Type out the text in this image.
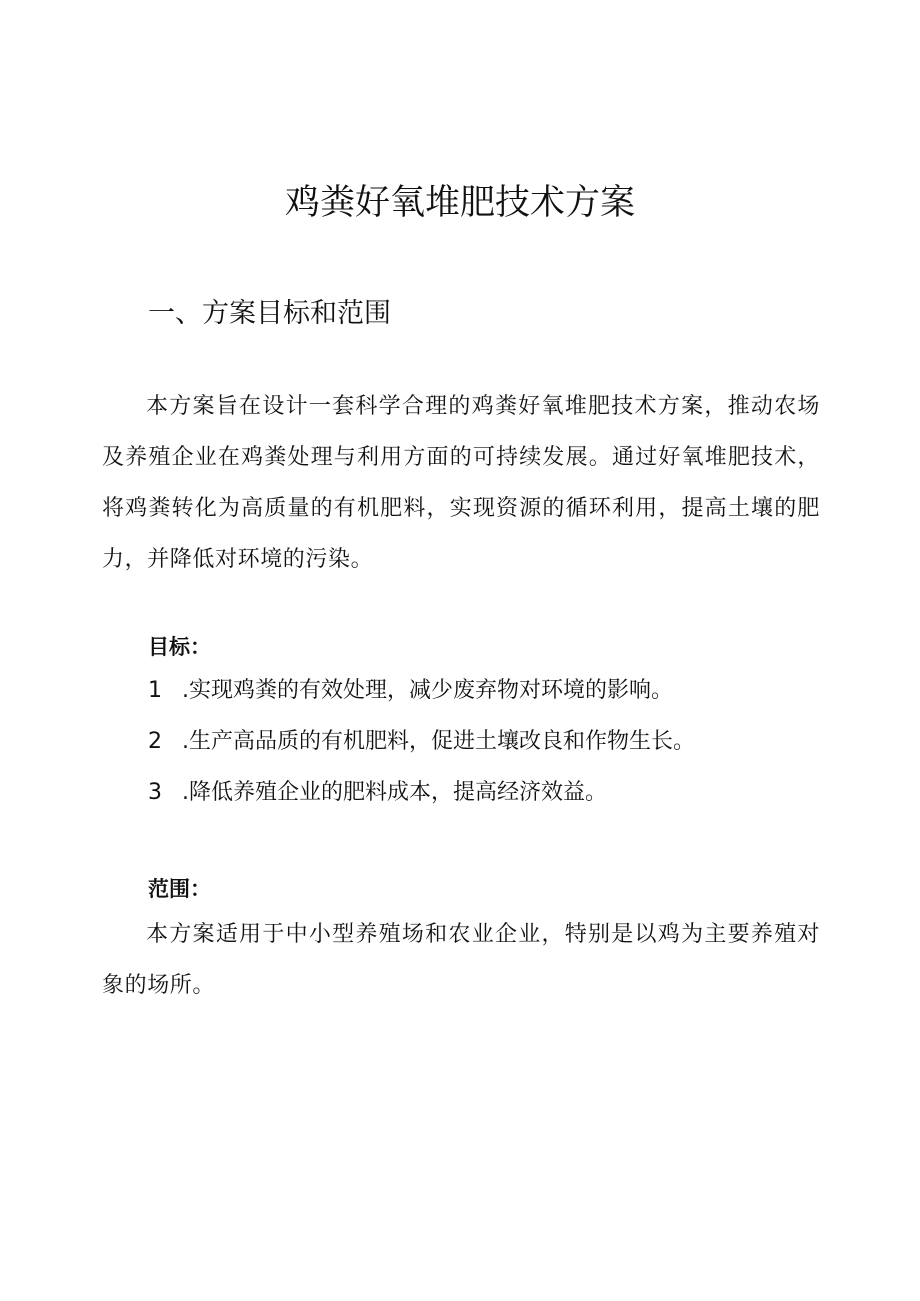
鸡粪好氧堆肥技术方案
一、方案目标和范围

本方案旨在设计一套科学合理的鸡粪好氧堆肥技术方案，推动农场及养殖企业在鸡粪处理与利用方面的可持续发展。通过好氧堆肥技术，将鸡粪转化为高质量的有机肥料，实现资源的循环利用，提高土壤的肥力，并降低对环境的污染。

目标：
1 .实现鸡粪的有效处理，减少废弃物对环境的影响。
2 .生产高品质的有机肥料，促进土壤改良和作物生长。
3 .降低养殖企业的肥料成本，提高经济效益。
范围：

本方案适用于中小型养殖场和农业企业，特别是以鸡为主要养殖对象的场所。
